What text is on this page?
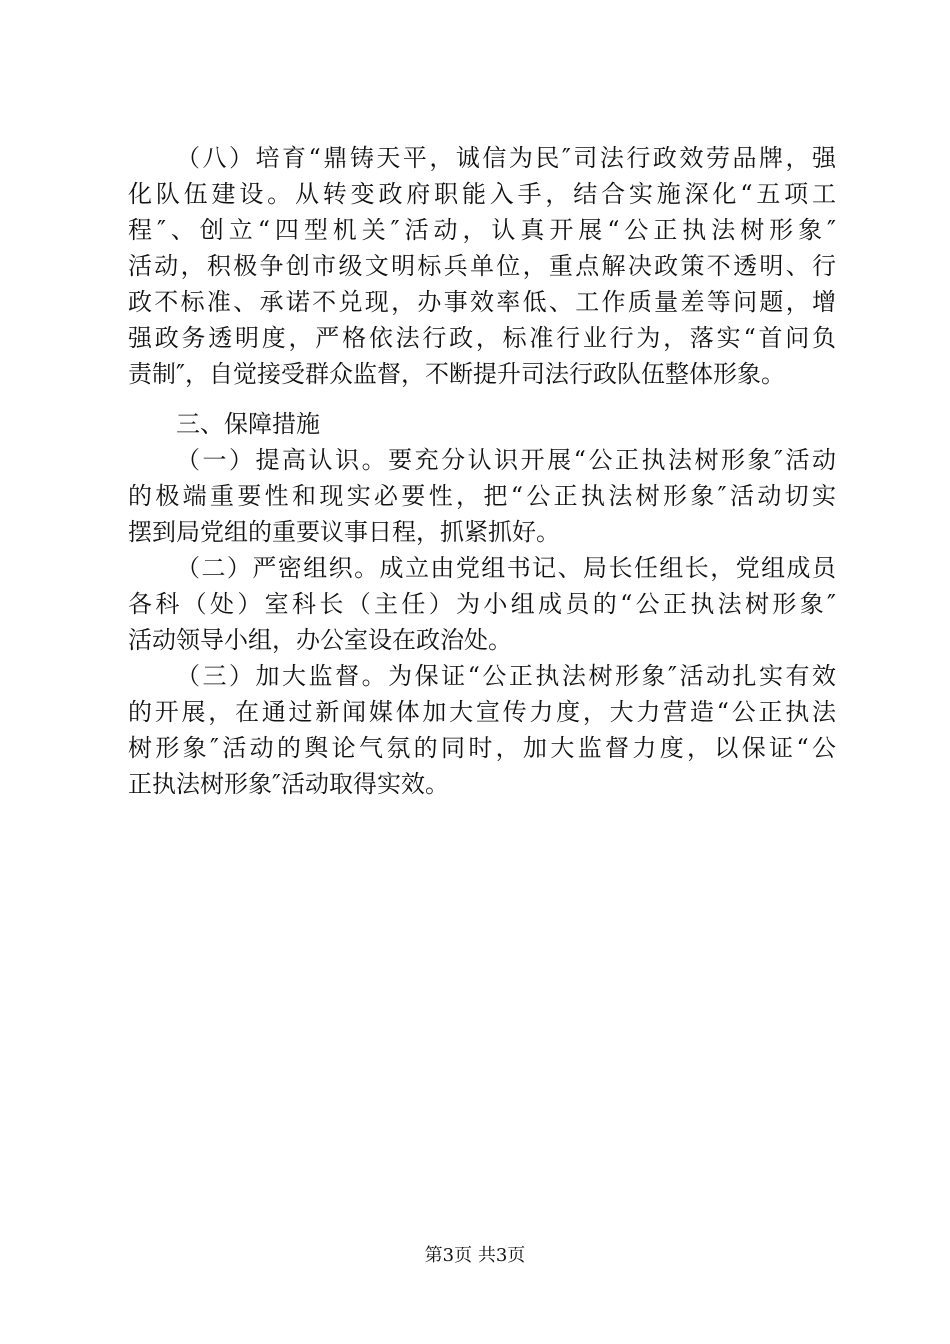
（八）培育“鼎铸天平，诚信为民″司法行政效劳品牌，强
化队伍建设。从转变政府职能入手，结合实施深化“五项工
程″、创立“四型机关″活动，认真开展“公正执法树形象″
活动，积极争创市级文明标兵单位，重点解决政策不透明、行
政不标准、承诺不兑现，办事效率低、工作质量差等问题，增
强政务透明度，严格依法行政，标准行业行为，落实“首问负
责制″，自觉接受群众监督，不断提升司法行政队伍整体形象。
三、保障措施
（一）提高认识。要充分认识开展“公正执法树形象″活动
的极端重要性和现实必要性，把“公正执法树形象″活动切实
摆到局党组的重要议事日程，抓紧抓好。
（二）严密组织。成立由党组书记、局长任组长，党组成员
各科（处）室科长（主任）为小组成员的“公正执法树形象″
活动领导小组，办公室设在政治处。
（三）加大监督。为保证“公正执法树形象″活动扎实有效
的开展，在通过新闻媒体加大宣传力度，大力营造“公正执法
树形象″活动的舆论气氛的同时，加大监督力度，以保证“公
正执法树形象″活动取得实效。
第3页 共3页
